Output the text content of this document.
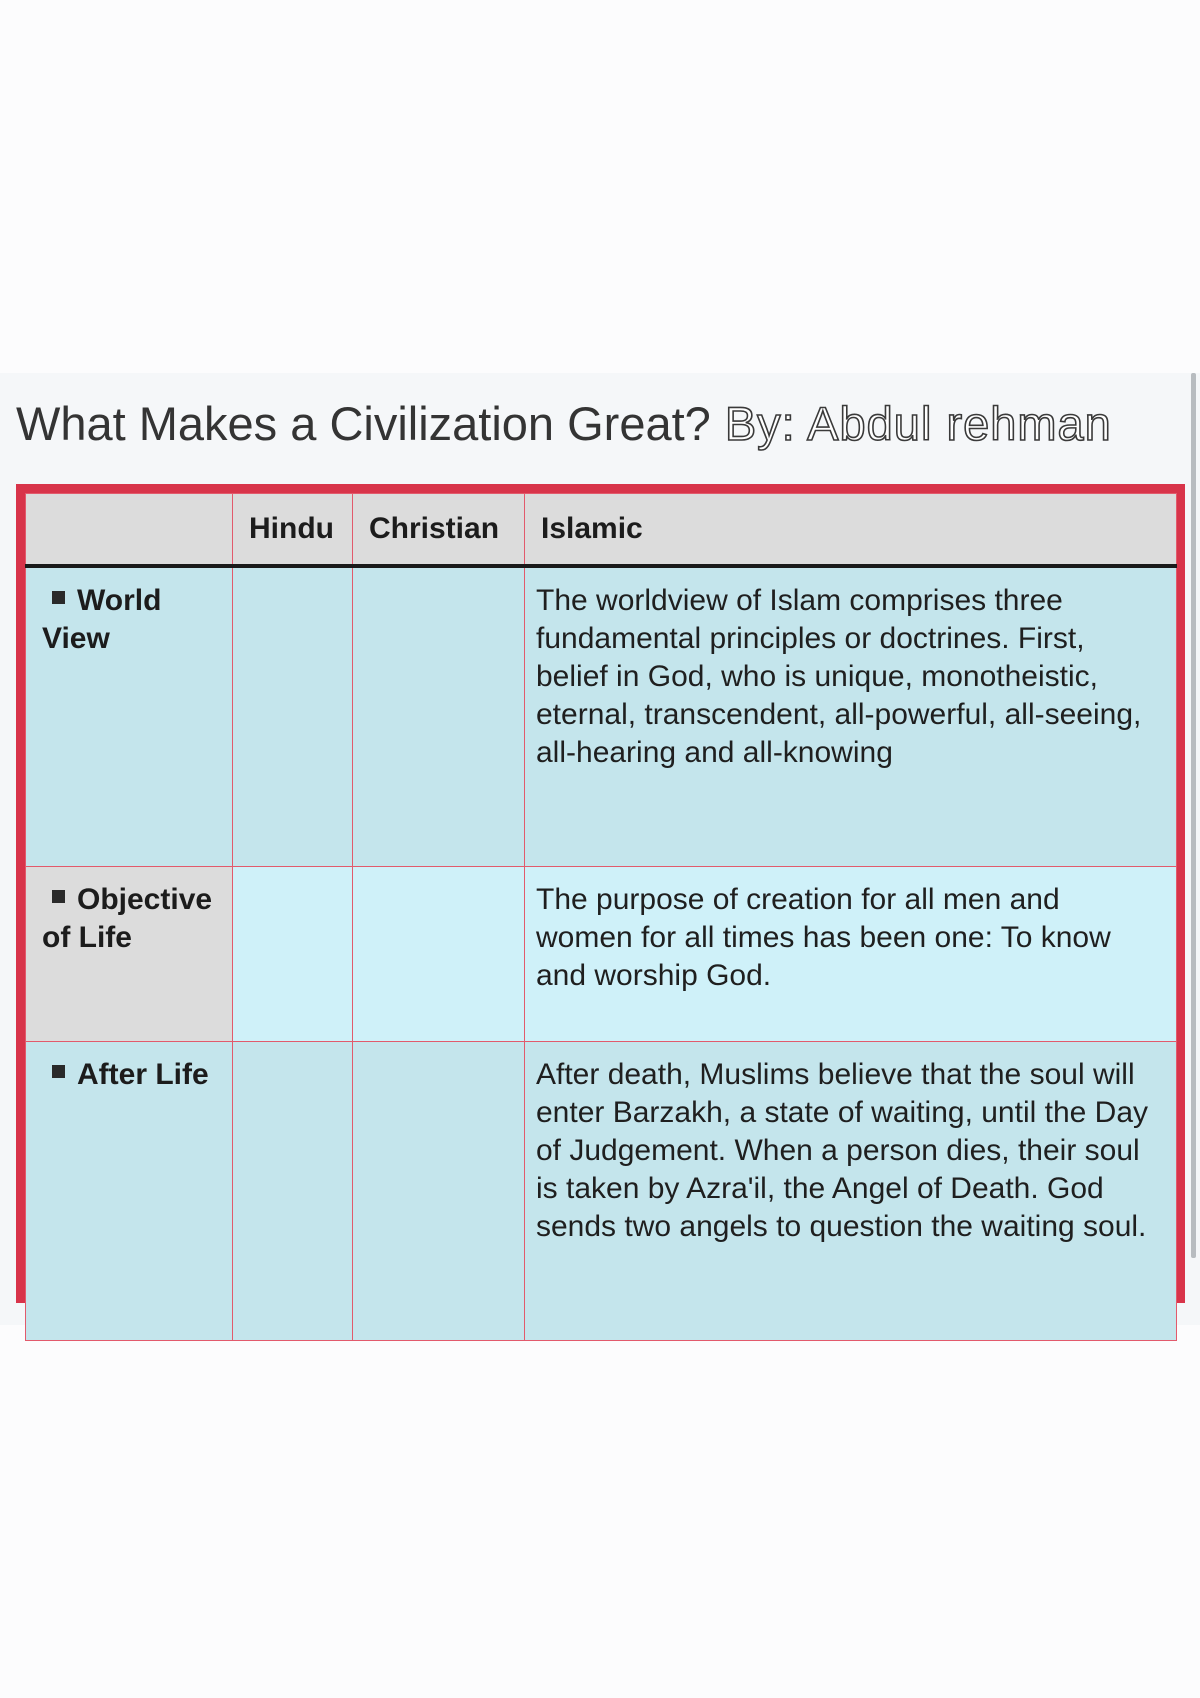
What Makes a Civilization Great? By: Abdul rehman
	Hindu	Christian	Islamic
World View			The worldview of Islam comprises three fundamental principles or doctrines. First, belief in God, who is unique, monotheistic, eternal, transcendent, all-powerful, all-seeing, all-hearing and all-knowing
Objective of Life			The purpose of creation for all men and women for all times has been one: To know and worship God.
After Life			After death, Muslims believe that the soul will enter Barzakh, a state of waiting, until the Day of Judgement. When a person dies, their soul is taken by Azra'il, the Angel of Death. God sends two angels to question the waiting soul.
